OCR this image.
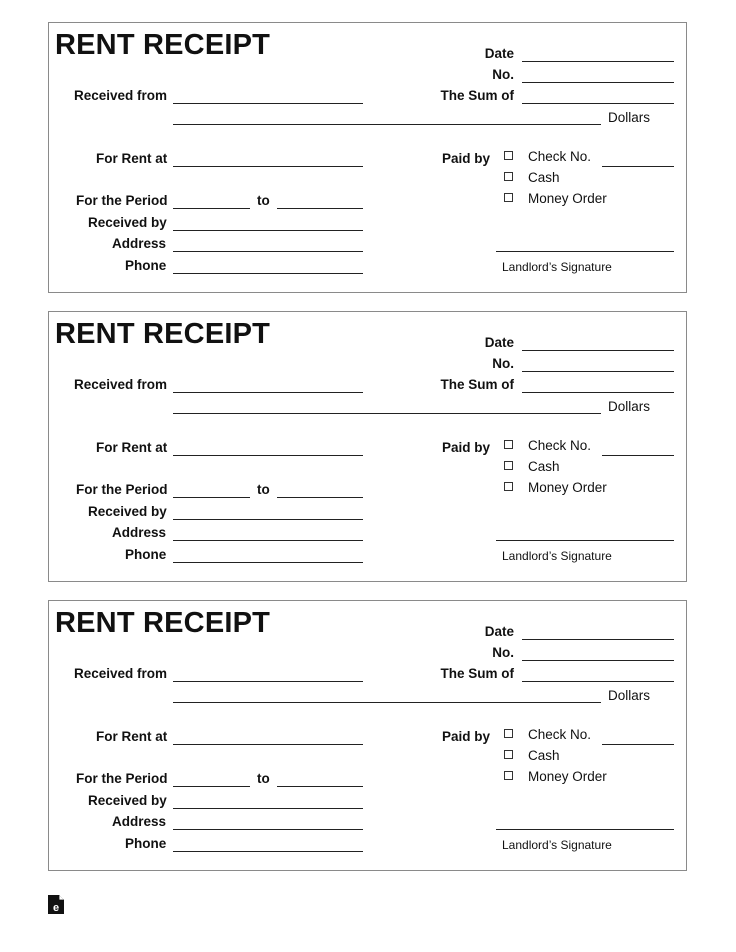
RENT RECEIPT	Date
No.
Received from	The Sum of
Dollars
For Rent at	Paid by	Check No.
Cash
Money Order
For the Period	to
Received by
Address
Landlord’s Signature
Phone
RENT RECEIPT	Date
No.
Received from	The Sum of
Dollars
For Rent at	Paid by	Check No.
Cash
Money Order
For the Period	to
Received by
Address
Landlord’s Signature
Phone
RENT RECEIPT	Date
No.
Received from	The Sum of
Dollars
For Rent at	Paid by	Check No.
Cash
Money Order
For the Period	to
Received by
Address
Landlord’s Signature
Phone
e
